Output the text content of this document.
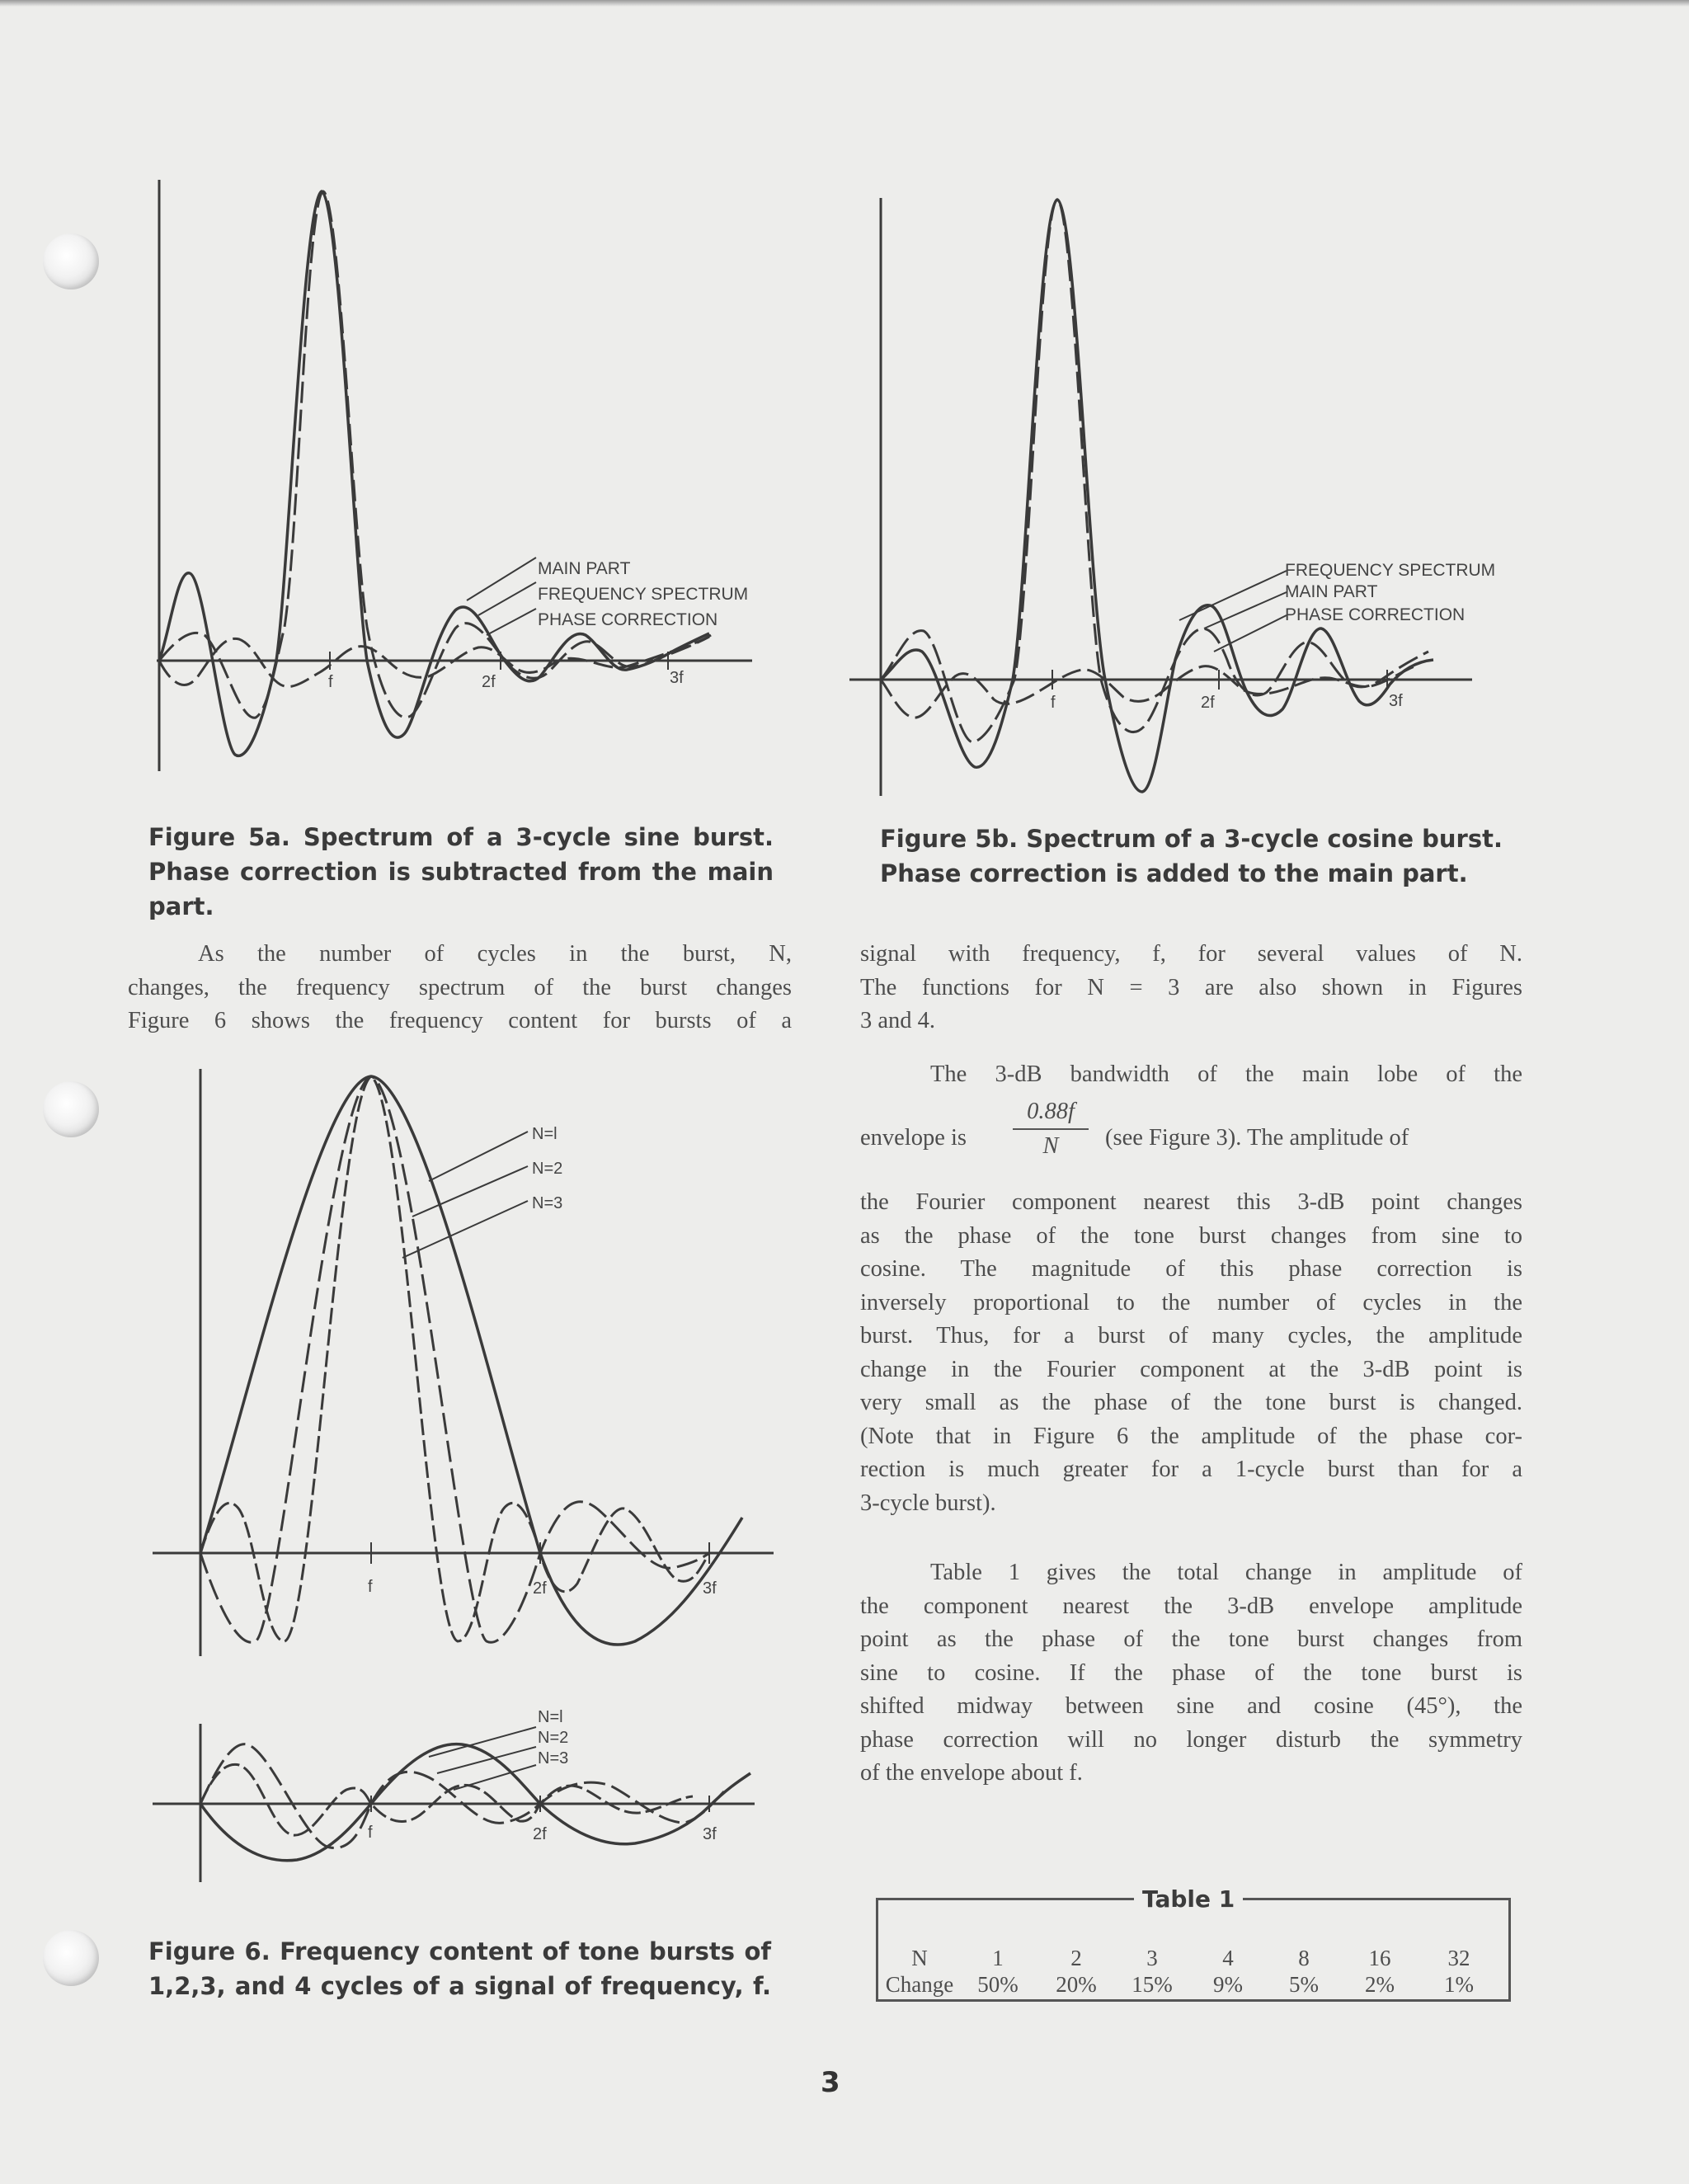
MAIN PART
FREQUENCY SPECTRUM
PHASE CORRECTION
f	2f	3f
Figure 5a. Spectrum of a 3-cycle sine burst.
Phase correction is subtracted from the main part.
FREQUENCY SPECTRUM
MAIN PART
PHASE CORRECTION
f	2f	3f
Figure 5b. Spectrum of a 3-cycle cosine burst.
Phase correction is added to the main part.
As the number of cycles in the burst, N,
changes, the frequency spectrum of the burst changes
Figure 6 shows the frequency content for bursts of a
signal with frequency, f, for several values of N.
The functions for N = 3 are also shown in Figures
3 and 4.
The 3-dB bandwidth of the main lobe of the
envelope is
0.88f
N	(see Figure 3). The amplitude of
the Fourier component nearest this 3-dB point changes
as the phase of the tone burst changes from sine to
cosine. The magnitude of this phase correction is
inversely proportional to the number of cycles in the
burst. Thus, for a burst of many cycles, the amplitude
change in the Fourier component at the 3-dB point is
very small as the phase of the tone burst is changed.
(Note that in Figure 6 the amplitude of the phase cor-
rection is much greater for a 1-cycle burst than for a
3-cycle burst).
Table 1 gives the total change in amplitude of
the component nearest the 3-dB envelope amplitude
point as the phase of the tone burst changes from
sine to cosine. If the phase of the tone burst is
shifted midway between sine and cosine (45°), the
phase correction will no longer disturb the symmetry
of the envelope about f.
N=l
N=2
N=3
f	2f	3f
N=l
N=2
N=3
f	2f	3f
Figure 6. Frequency content of tone bursts of
1,2,3, and 4 cycles of a signal of frequency, f.
N	1	2	3	4	8	16	32
Change	50%	20%	15%	9%	5%	2%	1%
Table 1
3
